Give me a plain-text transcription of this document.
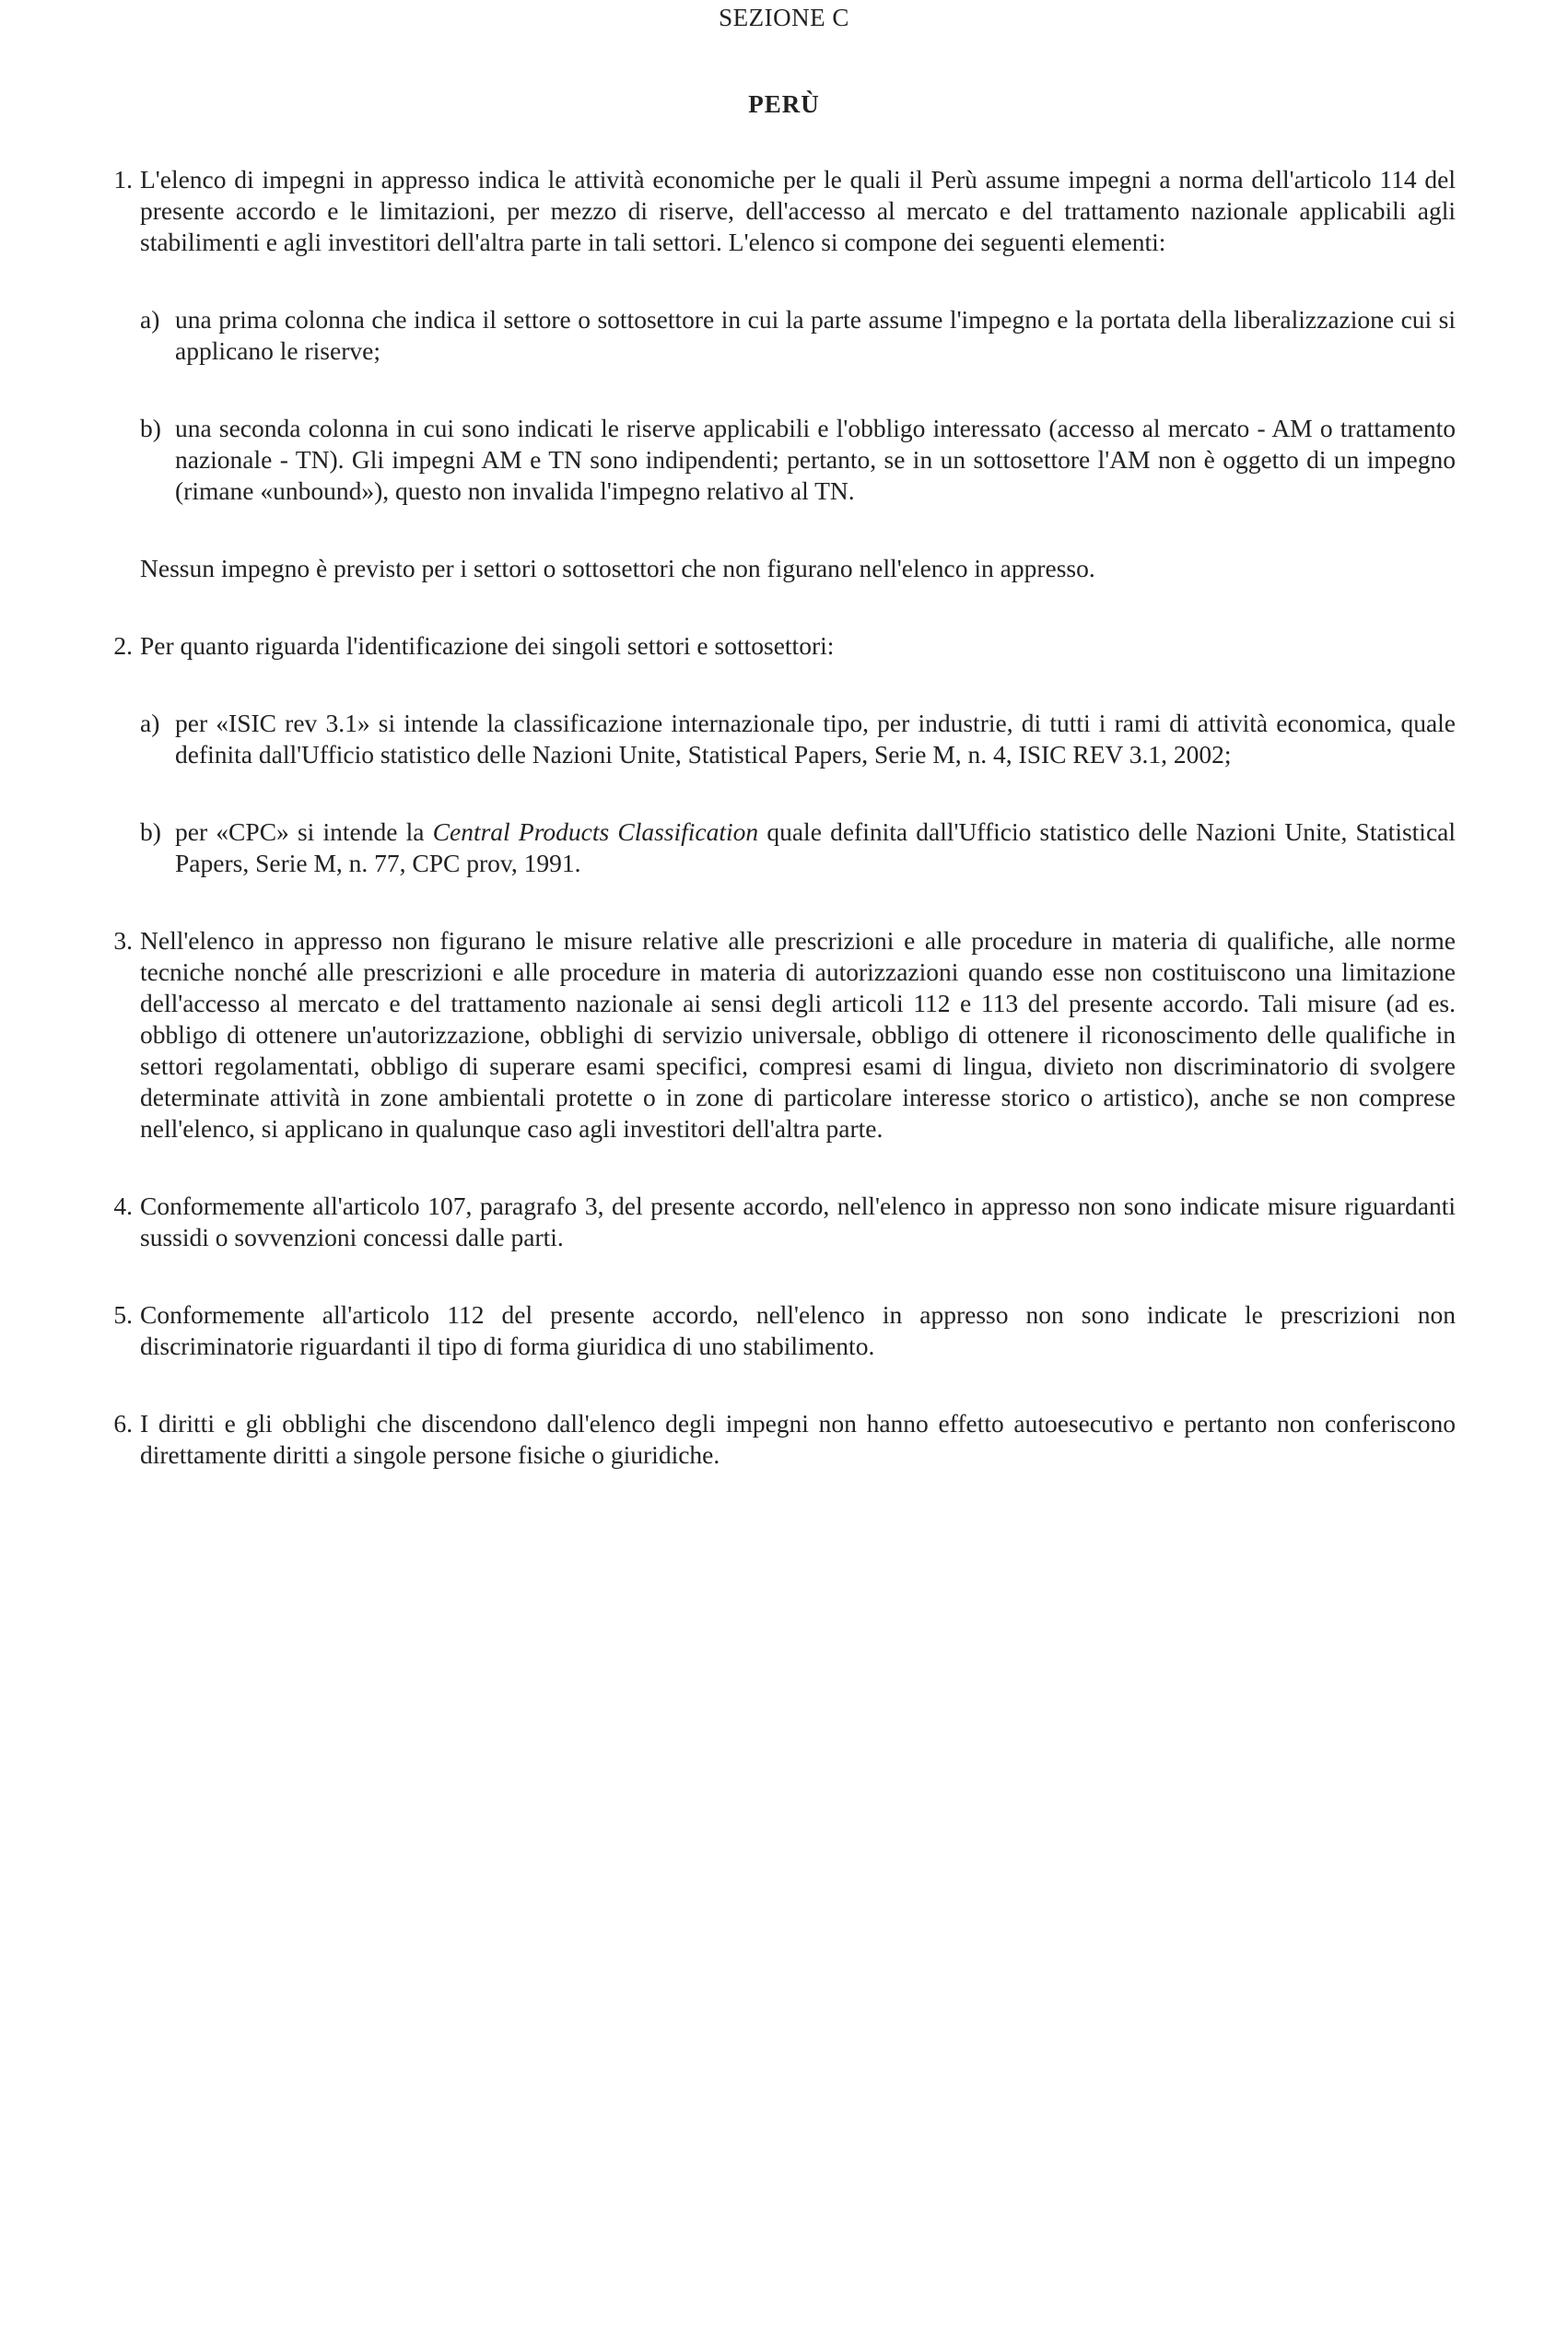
SEZIONE C
PERÙ
1. L'elenco di impegni in appresso indica le attività economiche per le quali il Perù assume impegni a norma dell'articolo 114 del presente accordo e le limitazioni, per mezzo di riserve, dell'accesso al mercato e del trattamento nazionale applicabili agli stabilimenti e agli investitori dell'altra parte in tali settori. L'elenco si compone dei seguenti elementi:
a) una prima colonna che indica il settore o sottosettore in cui la parte assume l'impegno e la portata della liberalizzazione cui si applicano le riserve;
b) una seconda colonna in cui sono indicati le riserve applicabili e l'obbligo interessato (accesso al mercato - AM o trattamento nazionale - TN). Gli impegni AM e TN sono indipendenti; pertanto, se in un sottosettore l'AM non è oggetto di un impegno (rimane «unbound»), questo non invalida l'impegno relativo al TN.
Nessun impegno è previsto per i settori o sottosettori che non figurano nell'elenco in appresso.
2. Per quanto riguarda l'identificazione dei singoli settori e sottosettori:
a) per «ISIC rev 3.1» si intende la classificazione internazionale tipo, per industrie, di tutti i rami di attività economica, quale definita dall'Ufficio statistico delle Nazioni Unite, Statistical Papers, Serie M, n. 4, ISIC REV 3.1, 2002;
b) per «CPC» si intende la Central Products Classification quale definita dall'Ufficio statistico delle Nazioni Unite, Statistical Papers, Serie M, n. 77, CPC prov, 1991.
3. Nell'elenco in appresso non figurano le misure relative alle prescrizioni e alle procedure in materia di qualifiche, alle norme tecniche nonché alle prescrizioni e alle procedure in materia di autorizzazioni quando esse non costituiscono una limitazione dell'accesso al mercato e del trattamento nazionale ai sensi degli articoli 112 e 113 del presente accordo. Tali misure (ad es. obbligo di ottenere un'autorizzazione, obblighi di servizio universale, obbligo di ottenere il riconoscimento delle qualifiche in settori regolamentati, obbligo di superare esami specifici, compresi esami di lingua, divieto non discriminatorio di svolgere determinate attività in zone ambientali protette o in zone di particolare interesse storico o artistico), anche se non comprese nell'elenco, si applicano in qualunque caso agli investitori dell'altra parte.
4. Conformemente all'articolo 107, paragrafo 3, del presente accordo, nell'elenco in appresso non sono indicate misure riguardanti sussidi o sovvenzioni concessi dalle parti.
5. Conformemente all'articolo 112 del presente accordo, nell'elenco in appresso non sono indicate le prescrizioni non discriminatorie riguardanti il tipo di forma giuridica di uno stabilimento.
6. I diritti e gli obblighi che discendono dall'elenco degli impegni non hanno effetto autoesecutivo e pertanto non conferiscono direttamente diritti a singole persone fisiche o giuridiche.
